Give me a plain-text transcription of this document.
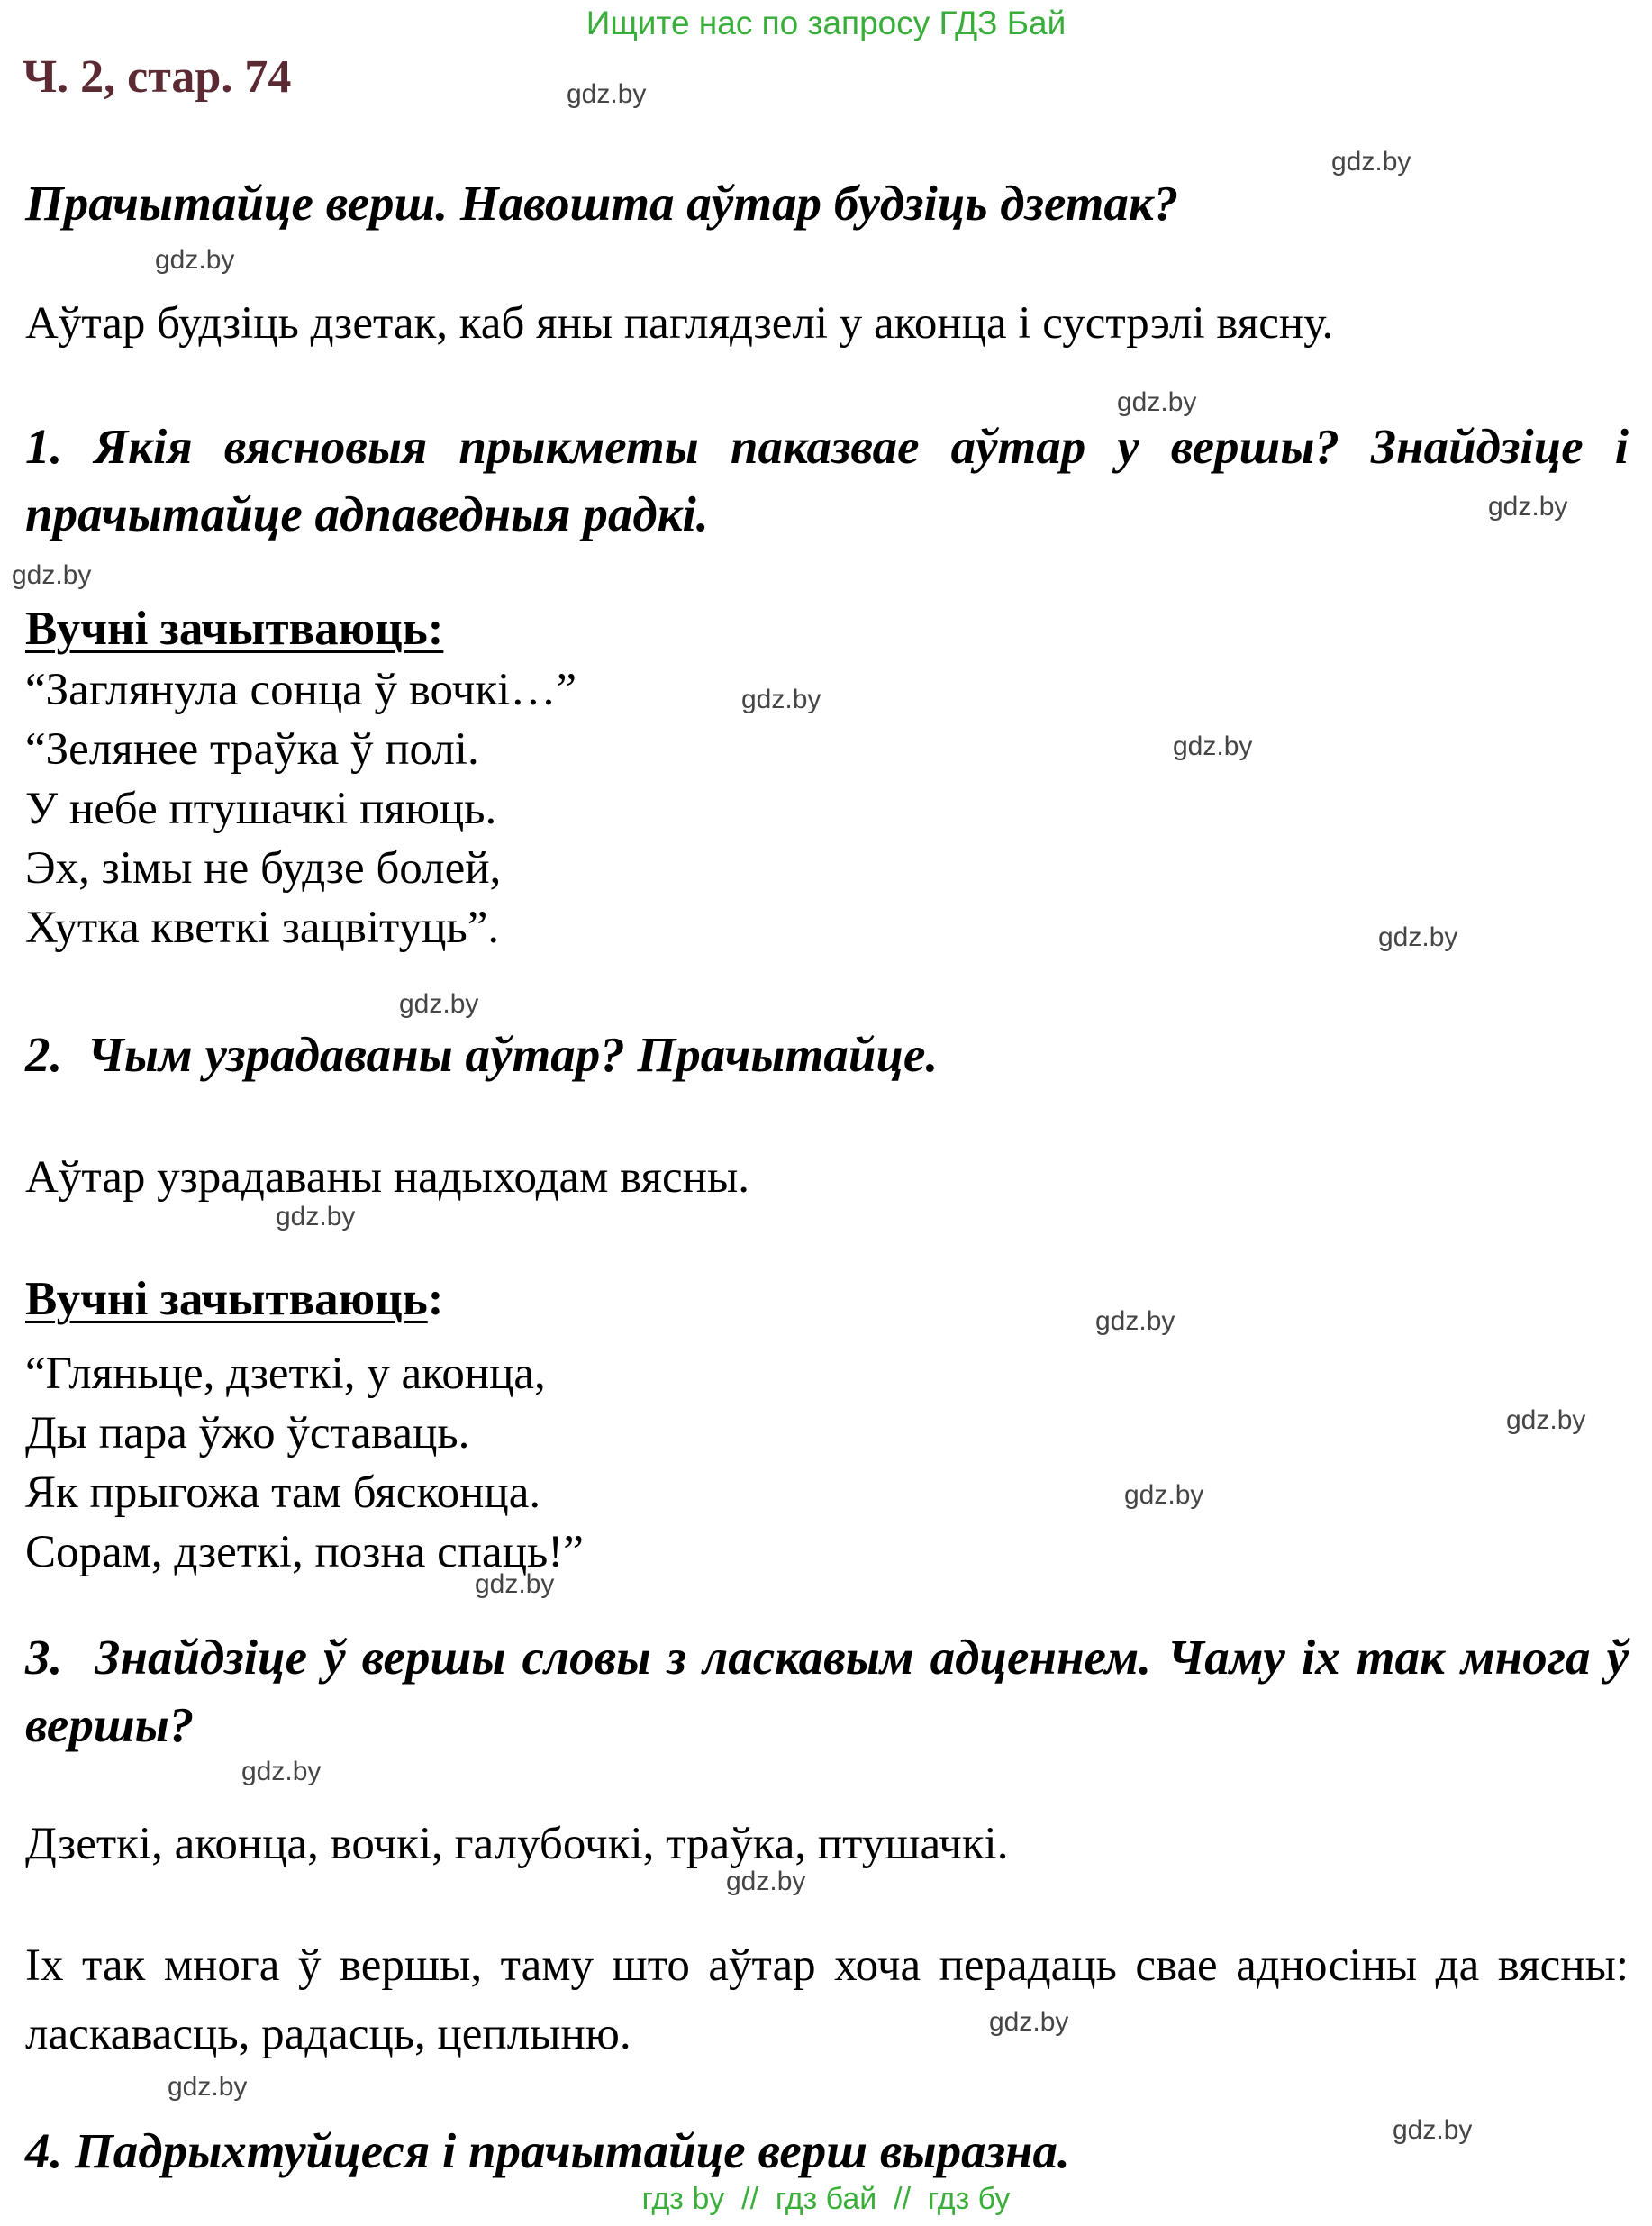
Ищите нас по запросу ГДЗ Бай
Ч. 2, стар. 74

Прачытайце верш. Навошта аўтар будзіць дзетак?

Аўтар будзіць дзетак, каб яны паглядзелі у аконца і сустрэлі вясну.

1. Якія вясновыя прыкметы паказвае аўтар у вершы? Знайдзіце і прачытайце адпаведныя радкі.

Вучні зачытваюць:

“Заглянула сонца ў вочкі…”
“Зелянее траўка ў полі.
У небе птушачкі пяюць.
Эх, зімы не будзе болей,
Хутка кветкі зацвітуць”.

2.  Чым узрадаваны аўтар? Прачытайце.

Аўтар узрадаваны надыходам вясны.

Вучні зачытваюць:

“Гляньце, дзеткі, у аконца,
Ды пара ўжо ўставаць.
Як прыгожа там бясконца.
Сорам, дзеткі, позна спаць!”

3.  Знайдзіце ў вершы словы з ласкавым адценнем. Чаму іх так многа ў вершы?

Дзеткі, аконца, вочкі, галубочкі, траўка, птушачкі.

Іх так многа ў вершы, таму што аўтар хоча перадаць свае адносіны да вясны: ласкавасць, радасць, цеплыню.

4. Падрыхтуйцеся і прачытайце верш выразна.

гдз by  //  гдз бай  //  гдз бу
gdz.by
gdz.by
gdz.by
gdz.by
gdz.by
gdz.by
gdz.by
gdz.by
gdz.by
gdz.by
gdz.by
gdz.by
gdz.by
gdz.by
gdz.by
gdz.by
gdz.by
gdz.by
gdz.by
gdz.by
